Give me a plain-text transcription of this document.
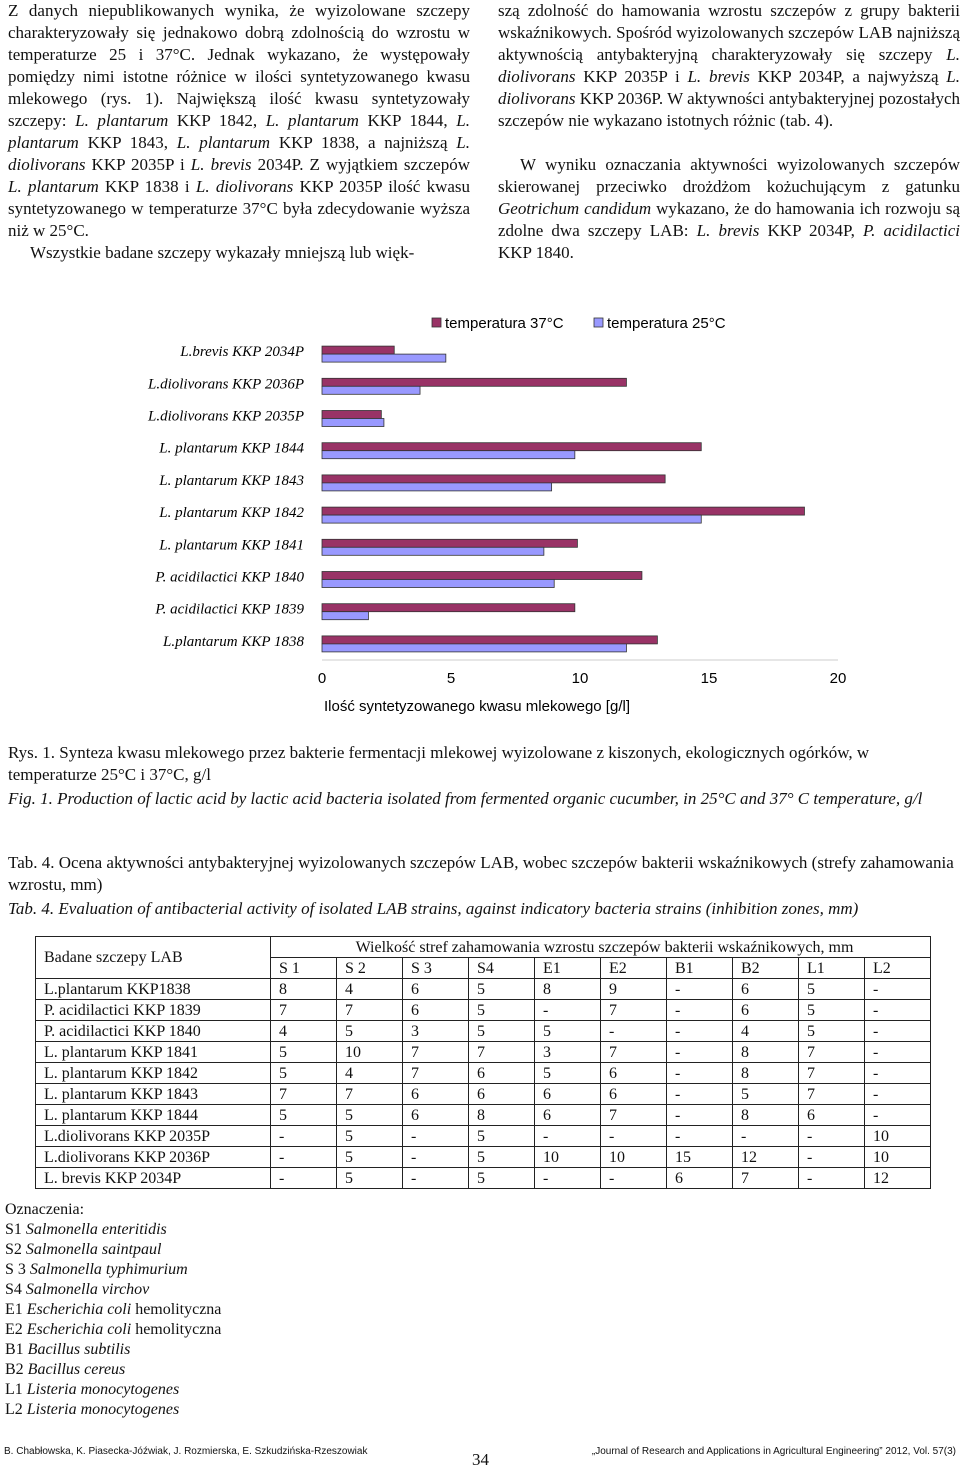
Z danych niepublikowanych wynika, że wyizolowane szczepy charakteryzowały się jednakowo dobrą zdolnością do wzrostu w temperaturze 25 i 37°C. Jednak wykazano, że występowały pomiędzy nimi istotne różnice w ilości syntetyzowanego kwasu mlekowego (rys. 1). Największą ilość kwasu syntetyzowały szczepy: L. plantarum KKP 1842, L. plantarum KKP 1844, L. plantarum KKP 1843, L. plantarum KKP 1838, a najniższą L. diolivorans KKP 2035P i L. brevis 2034P. Z wyjątkiem szczepów L. plantarum KKP 1838 i L. diolivorans KKP 2035P ilość kwasu syntetyzowanego w temperaturze 37°C była zdecydowanie wyższa niż w 25°C.

Wszystkie badane szczepy wykazały mniejszą lub więk-

szą zdolność do hamowania wzrostu szczepów z grupy bakterii wskaźnikowych. Spośród wyizolowanych szczepów LAB najniższą aktywnością antybakteryjną charakteryzowały się szczepy L. diolivorans KKP 2035P i L. brevis KKP 2034P, a najwyższą L. diolivorans KKP 2036P. W aktywności antybakteryjnej pozostałych szczepów nie wykazano istotnych różnic (tab. 4).

W wyniku oznaczania aktywności wyizolowanych szczepów skierowanej przeciwko drożdżom kożuchującym z gatunku Geotrichum candidum wykazano, że do hamowania ich rozwoju są zdolne dwa szczepy LAB: L. brevis KKP 2034P, P. acidilactici KKP 1840.

L.brevis KKP 2034P
L.diolivorans KKP 2036P
L.diolivorans KKP 2035P
L. plantarum KKP 1844
L. plantarum KKP 1843
L. plantarum KKP 1842
L. plantarum KKP 1841
P. acidilactici KKP 1840
P. acidilactici KKP 1839
L.plantarum KKP 1838
0	5	10	15	20
Ilość syntetyzowanego kwasu mlekowego [g/l]
temperatura 37°C	temperatura 25°C
Rys. 1. Synteza kwasu mlekowego przez bakterie fermentacji mlekowej wyizolowane z kiszonych, ekologicznych ogórków, w temperaturze 25°C i 37°C, g/l
Fig. 1. Production of lactic acid by lactic acid bacteria isolated from fermented organic cucumber, in 25°C and 37° C temperature, g/l
Tab. 4. Ocena aktywności antybakteryjnej wyizolowanych szczepów LAB, wobec szczepów bakterii wskaźnikowych (strefy zahamowania wzrostu, mm)
Tab. 4. Evaluation of antibacterial activity of isolated LAB strains, against indicatory bacteria strains (inhibition zones, mm)
Badane szczepy LAB	Wielkość stref zahamowania wzrostu szczepów bakterii wskaźnikowych, mm									
	S 1	S 2	S 3	S4	E1	E2	B1	B2	L1	L2
L.plantarum KKP1838	8	4	6	5	8	9	-	6	5	-
P. acidilactici KKP 1839	7	7	6	5	-	7	-	6	5	-
P. acidilactici KKP 1840	4	5	3	5	5	-	-	4	5	-
L. plantarum KKP 1841	5	10	7	7	3	7	-	8	7	-
L. plantarum KKP 1842	5	4	7	6	5	6	-	8	7	-
L. plantarum KKP 1843	7	7	6	6	6	6	-	5	7	-
L. plantarum KKP 1844	5	5	6	8	6	7	-	8	6	-
L.diolivorans KKP 2035P	-	5	-	5	-	-	-	-	-	10
L.diolivorans KKP 2036P	-	5	-	5	10	10	15	12	-	10
L. brevis KKP 2034P	-	5	-	5	-	-	6	7	-	12
Oznaczenia:
S1 Salmonella enteritidis
S2 Salmonella saintpaul
S 3 Salmonella typhimurium
S4 Salmonella virchov
E1 Escherichia coli hemolityczna
E2 Escherichia coli hemolityczna
B1 Bacillus subtilis
B2 Bacillus cereus
L1 Listeria monocytogenes
L2 Listeria monocytogenes
B. Chabłowska, K. Piasecka-Jóźwiak, J. Rozmierska, E. Szkudzińska-Rzeszowiak	34	„Journal of Research and Applications in Agricultural Engineering” 2012, Vol. 57(3)
